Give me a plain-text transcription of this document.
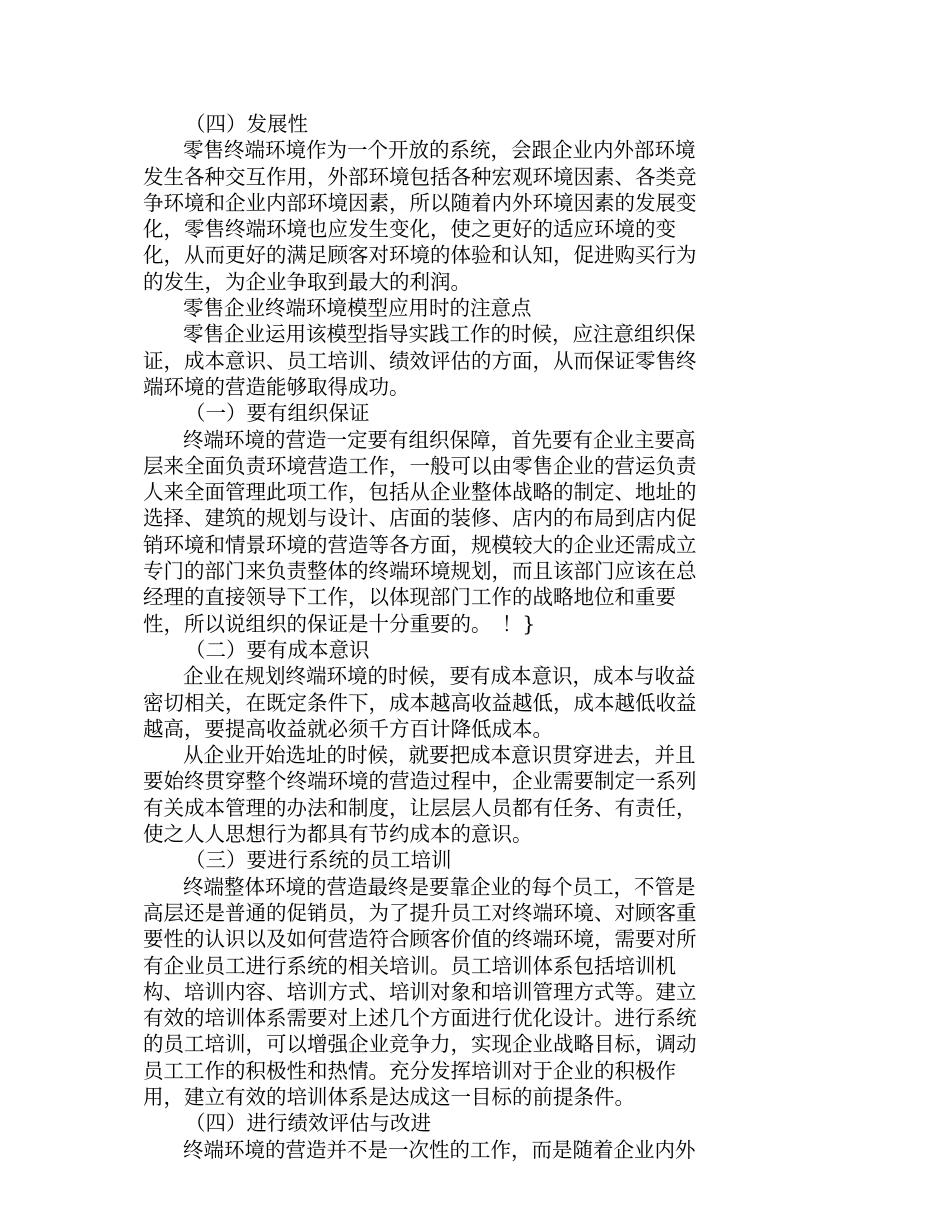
（四）发展性
零售终端环境作为一个开放的系统，会跟企业内外部环境
发生各种交互作用，外部环境包括各种宏观环境因素、各类竞
争环境和企业内部环境因素，所以随着内外环境因素的发展变
化，零售终端环境也应发生变化，使之更好的适应环境的变
化，从而更好的满足顾客对环境的体验和认知，促进购买行为
的发生，为企业争取到最大的利润。
零售企业终端环境模型应用时的注意点
零售企业运用该模型指导实践工作的时候，应注意组织保
证，成本意识、员工培训、绩效评估的方面，从而保证零售终
端环境的营造能够取得成功。
（一）要有组织保证
终端环境的营造一定要有组织保障，首先要有企业主要高
层来全面负责环境营造工作，一般可以由零售企业的营运负责
人来全面管理此项工作，包括从企业整体战略的制定、地址的
选择、建筑的规划与设计、店面的装修、店内的布局到店内促
销环境和情景环境的营造等各方面，规模较大的企业还需成立
专门的部门来负责整体的终端环境规划，而且该部门应该在总
经理的直接领导下工作，以体现部门工作的战略地位和重要
性，所以说组织的保证是十分重要的。　！}
（二）要有成本意识
企业在规划终端环境的时候，要有成本意识，成本与收益
密切相关，在既定条件下，成本越高收益越低，成本越低收益
越高，要提高收益就必须千方百计降低成本。
从企业开始选址的时候，就要把成本意识贯穿进去，并且
要始终贯穿整个终端环境的营造过程中，企业需要制定一系列
有关成本管理的办法和制度，让层层人员都有任务、有责任，
使之人人思想行为都具有节约成本的意识。
（三）要进行系统的员工培训
终端整体环境的营造最终是要靠企业的每个员工，不管是
高层还是普通的促销员，为了提升员工对终端环境、对顾客重
要性的认识以及如何营造符合顾客价值的终端环境，需要对所
有企业员工进行系统的相关培训。员工培训体系包括培训机
构、培训内容、培训方式、培训对象和培训管理方式等。建立
有效的培训体系需要对上述几个方面进行优化设计。进行系统
的员工培训，可以增强企业竞争力，实现企业战略目标，调动
员工工作的积极性和热情。充分发挥培训对于企业的积极作
用，建立有效的培训体系是达成这一目标的前提条件。
（四）进行绩效评估与改进
终端环境的营造并不是一次性的工作，而是随着企业内外
